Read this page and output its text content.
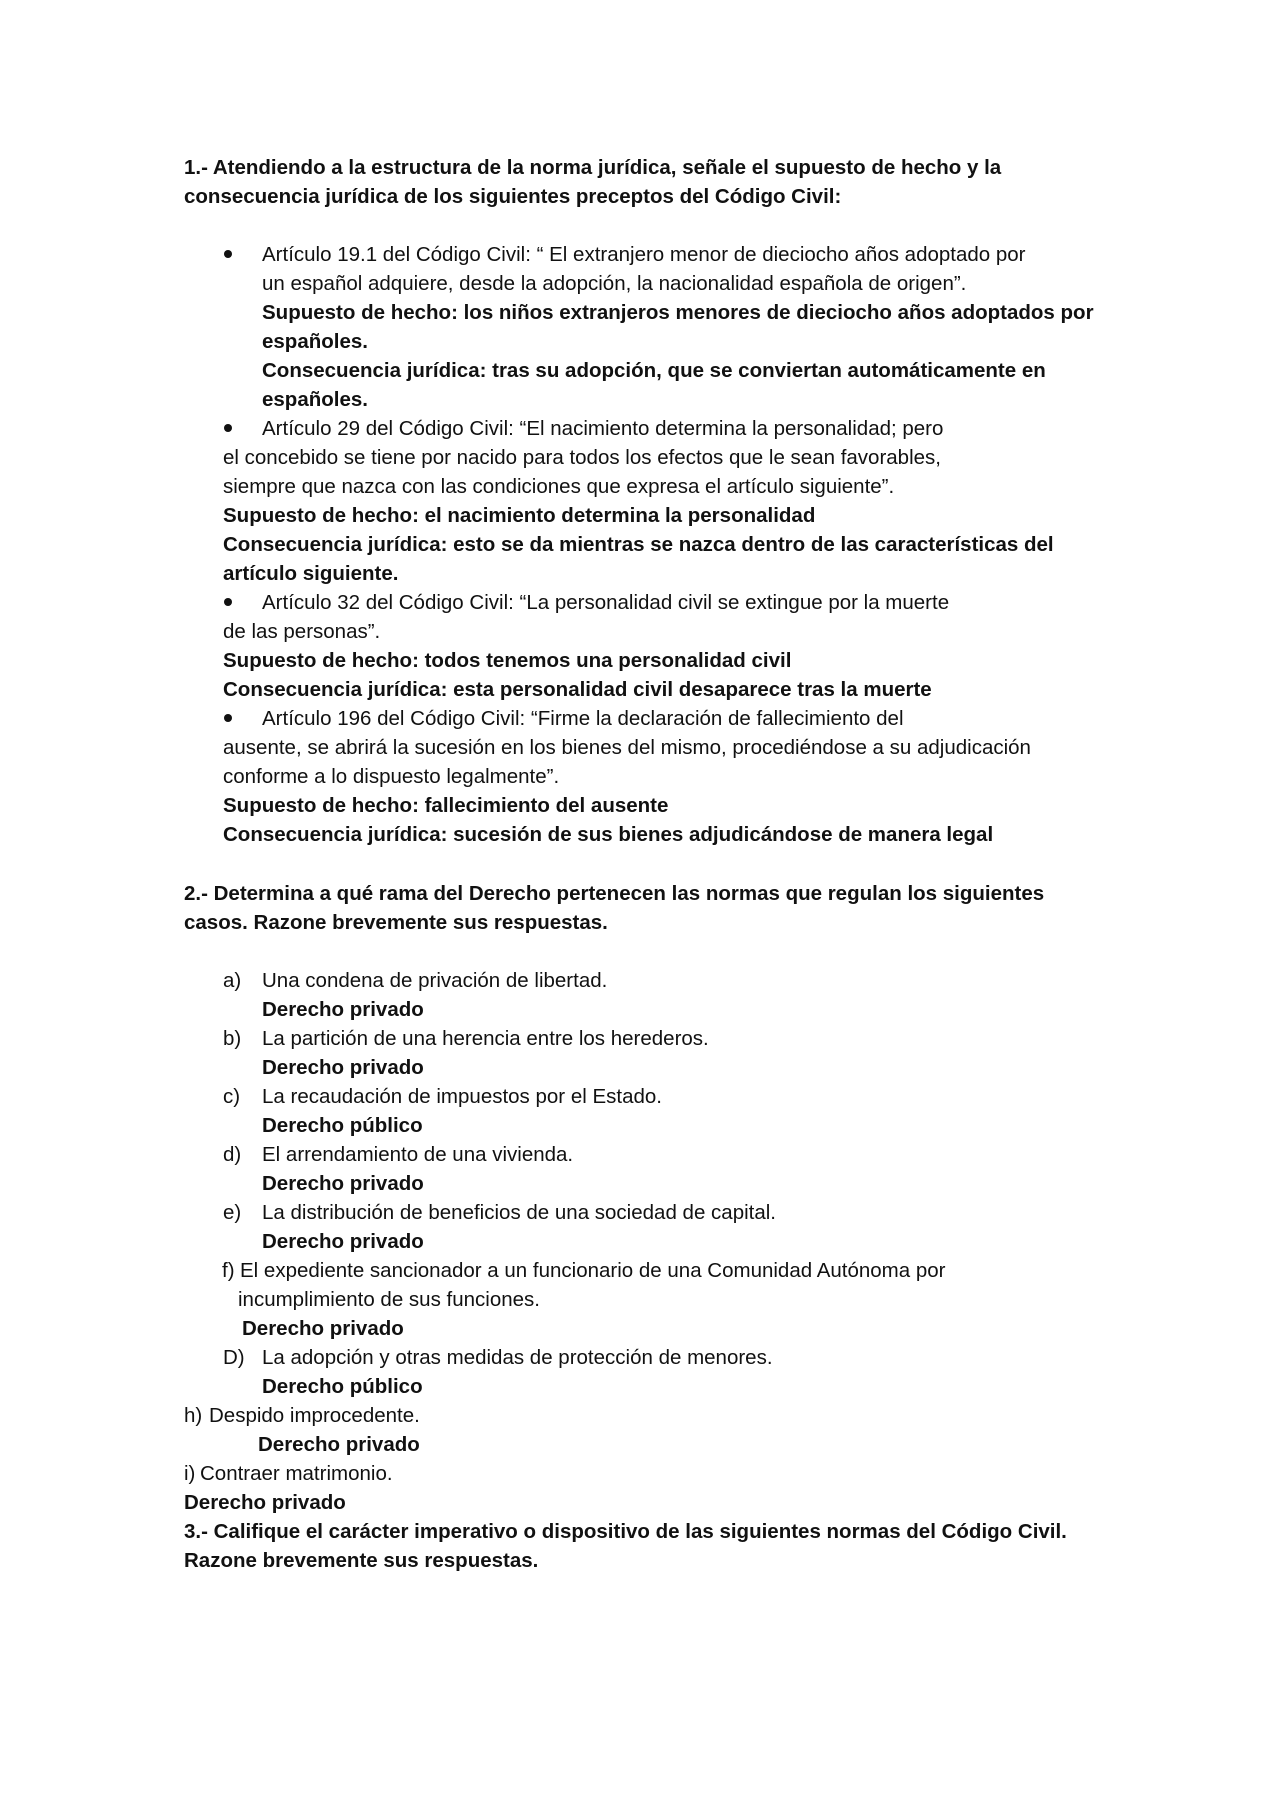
1.- Atendiendo a la estructura de la norma jurídica, señale el supuesto de hecho y la
consecuencia jurídica de los siguientes preceptos del Código Civil:
Artículo 19.1 del Código Civil: “ El extranjero menor de dieciocho años adoptado por
un español adquiere, desde la adopción, la nacionalidad española de origen”.
Supuesto de hecho: los niños extranjeros menores de dieciocho años adoptados por
españoles.
Consecuencia jurídica: tras su adopción, que se conviertan automáticamente en
españoles.
Artículo 29 del Código Civil: “El nacimiento determina la personalidad; pero
el concebido se tiene por nacido para todos los efectos que le sean favorables,
siempre que nazca con las condiciones que expresa el artículo siguiente”.
Supuesto de hecho: el nacimiento determina la personalidad
Consecuencia jurídica: esto se da mientras se nazca dentro de las características del
artículo siguiente.
Artículo 32 del Código Civil: “La personalidad civil se extingue por la muerte
de las personas”.
Supuesto de hecho: todos tenemos una personalidad civil
Consecuencia jurídica: esta personalidad civil desaparece tras la muerte
Artículo 196 del Código Civil: “Firme la declaración de fallecimiento del
ausente, se abrirá la sucesión en los bienes del mismo, procediéndose a su adjudicación
conforme a lo dispuesto legalmente”.
Supuesto de hecho: fallecimiento del ausente
Consecuencia jurídica: sucesión de sus bienes adjudicándose de manera legal
2.- Determina a qué rama del Derecho pertenecen las normas que regulan los siguientes
casos. Razone brevemente sus respuestas.
a) Una condena de privación de libertad.
Derecho privado
b) La partición de una herencia entre los herederos.
Derecho privado
c) La recaudación de impuestos por el Estado.
Derecho público
d) El arrendamiento de una vivienda.
Derecho privado
e) La distribución de beneficios de una sociedad de capital.
Derecho privado
f) El expediente sancionador a un funcionario de una Comunidad Autónoma por
incumplimiento de sus funciones.
Derecho privado
D) La adopción y otras medidas de protección de menores.
Derecho público
h) Despido improcedente.
Derecho privado
i) Contraer matrimonio.
Derecho privado
3.- Califique el carácter imperativo o dispositivo de las siguientes normas del Código Civil.
Razone brevemente sus respuestas.
